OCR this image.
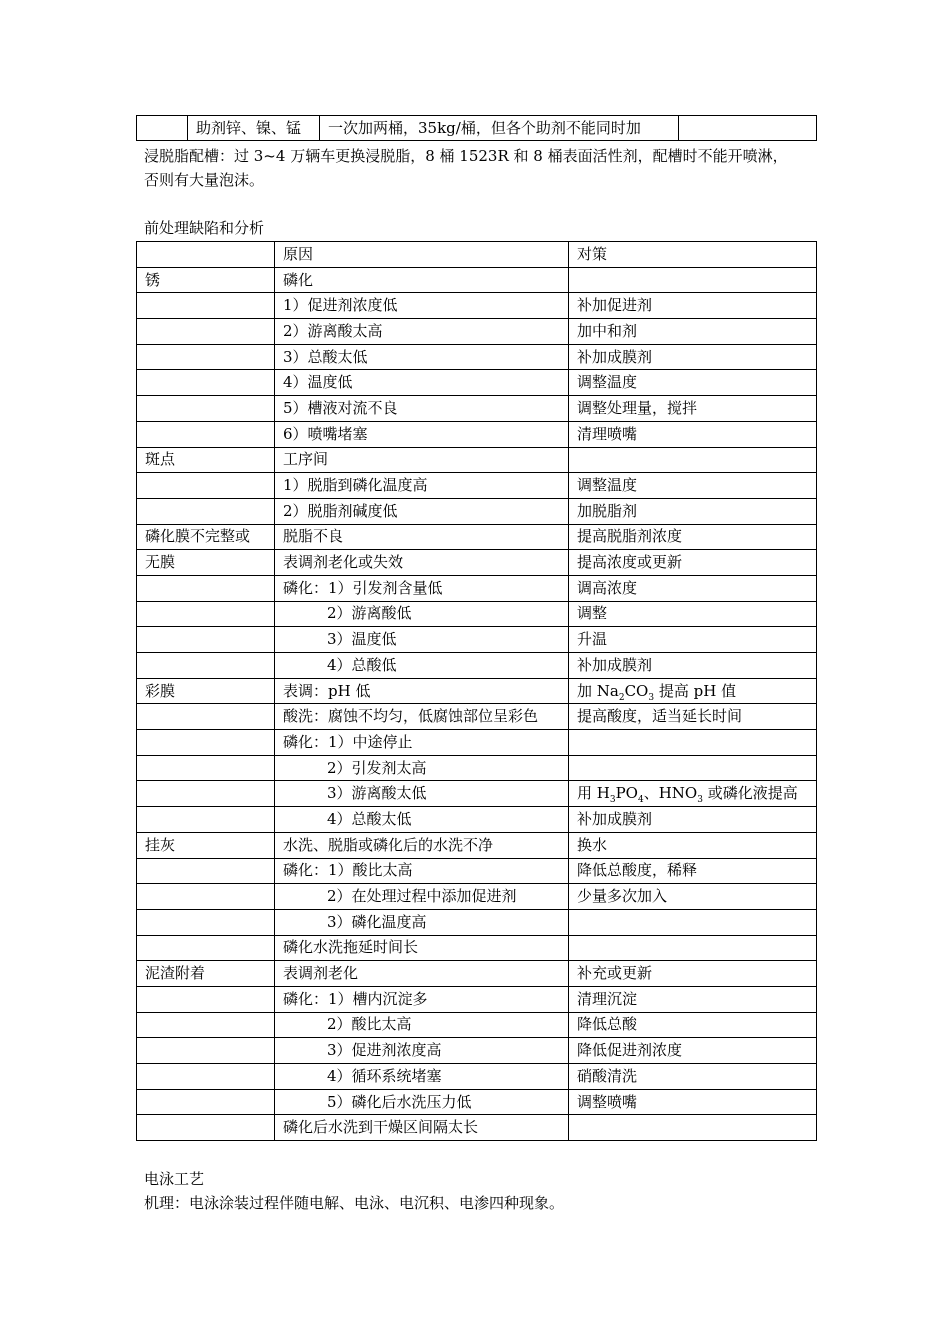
	助剂锌、镍、锰	一次加两桶，35kg/桶，但各个助剂不能同时加	
浸脱脂配槽：过 3~4 万辆车更换浸脱脂，8 桶 1523R 和 8 桶表面活性剂，配槽时不能开喷淋，
否则有大量泡沫。
前处理缺陷和分析
	原因	对策
锈	磷化	
	1）促进剂浓度低	补加促进剂
	2）游离酸太高	加中和剂
	3）总酸太低	补加成膜剂
	4）温度低	调整温度
	5）槽液对流不良	调整处理量，搅拌
	6）喷嘴堵塞	清理喷嘴
斑点	工序间	
	1）脱脂到磷化温度高	调整温度
	2）脱脂剂碱度低	加脱脂剂
磷化膜不完整或	脱脂不良	提高脱脂剂浓度
无膜	表调剂老化或失效	提高浓度或更新
	磷化：1）引发剂含量低	调高浓度
	2）游离酸低	调整
	3）温度低	升温
	4）总酸低	补加成膜剂
彩膜	表调：pH 低	加 $Na_2CO_3$ 提高 pH 值
	酸洗：腐蚀不均匀，低腐蚀部位呈彩色	提高酸度，适当延长时间
	磷化：1）中途停止	
	2）引发剂太高	
	3）游离酸太低	用 $H_3PO_4$、$HNO_3$ 或磷化液提高
	4）总酸太低	补加成膜剂
挂灰	水洗、脱脂或磷化后的水洗不净	换水
	磷化：1）酸比太高	降低总酸度，稀释
	2）在处理过程中添加促进剂	少量多次加入
	3）磷化温度高	
	磷化水洗拖延时间长	
泥渣附着	表调剂老化	补充或更新
	磷化：1）槽内沉淀多	清理沉淀
	2）酸比太高	降低总酸
	3）促进剂浓度高	降低促进剂浓度
	4）循环系统堵塞	硝酸清洗
	5）磷化后水洗压力低	调整喷嘴
	磷化后水洗到干燥区间隔太长	
电泳工艺
机理：电泳涂装过程伴随电解、电泳、电沉积、电渗四种现象。
